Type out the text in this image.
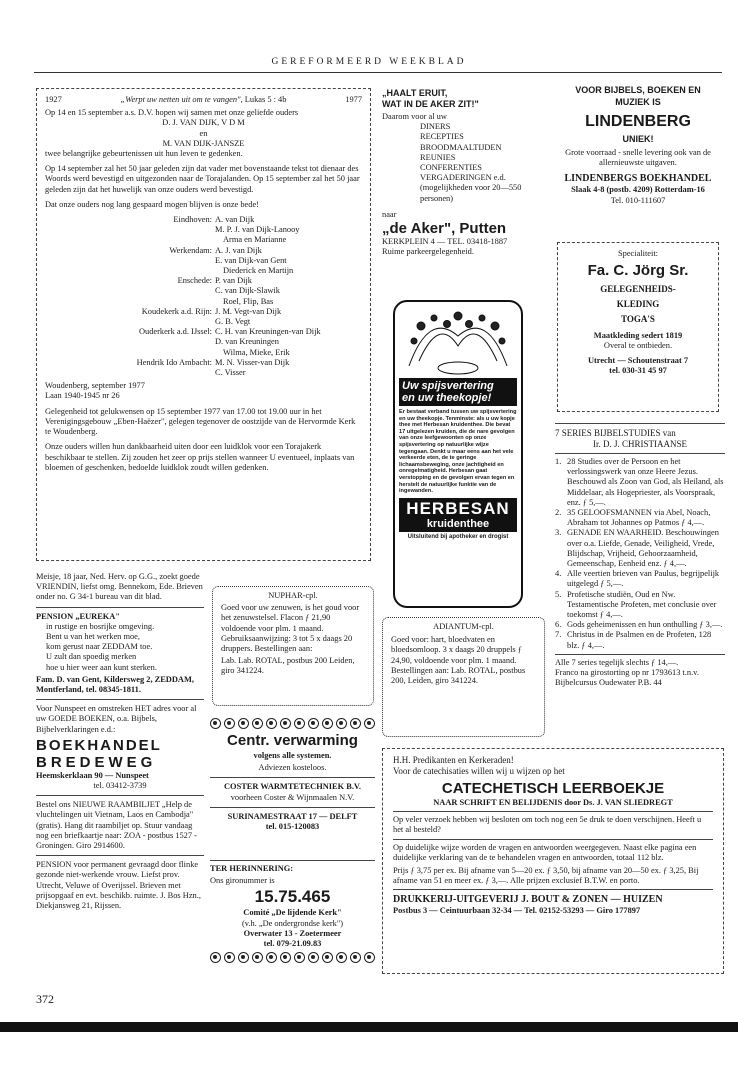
GEREFORMEERD WEEKBLAD
1927	„Werpt uw netten uit om te vangen", Lukas 5 : 4b	1977

Op 14 en 15 september a.s. D.V. hopen wij samen met onze geliefde ouders

D. J. VAN DIJK, V D M

en

M. VAN DIJK-JANSZE

twee belangrijke gebeurtenissen uit hun leven te gedenken.

Op 14 september zal het 50 jaar geleden zijn dat vader met bovenstaande tekst tot dienaar des Woords werd bevestigd en uitgezonden naar de Torajalanden. Op 15 september zal het 50 jaar geleden zijn dat het huwelijk van onze ouders werd bevestigd.

Dat onze ouders nog lang gespaard mogen blijven is onze bede!

Eindhoven: A. van Dijk
M. P. J. van Dijk-Lanooy
Arma en Marianne
Werkendam: A. J. van Dijk
E. van Dijk-van Gent
Diederick en Martijn
Enschede: P. van Dijk
C. van Dijk-Slawik
Roel, Flip, Bas
Koudekerk a.d. Rijn: J. M. Vegt-van Dijk
G. B. Vegt
Ouderkerk a.d. IJssel: C. H. van Kreuningen-van Dijk
D. van Kreuningen
Wilma, Mieke, Erik
Hendrik Ido Ambacht: M. N. Visser-van Dijk
C. Visser

Woudenberg, september 1977

Laan 1940-1945 nr 26

Gelegenheid tot gelukwensen op 15 september 1977 van 17.00 tot 19.00 uur in het Verenigingsgebouw „Eben-Haëzer", gelegen tegenover de oostzijde van de Hervormde Kerk te Woudenberg.

Onze ouders willen hun dankbaarheid uiten door een luidklok voor een Torajakerk beschikbaar te stellen. Zij zouden het zeer op prijs stellen wanneer U eventueel, inplaats van bloemen of geschenken, bedoelde luidklok zoudt willen gedenken.

„HAALT ERUIT,

WAT IN DE AKER ZIT!"

Daarom voor al uw

DINERS

RECEPTIES

BROODMAALTIJDEN

REUNIES

CONFERENTIES

VERGADERINGEN e.d.

(mogelijkheden voor 20—550 personen)

naar

„de Aker", Putten

KERKPLEIN 4 — TEL. 03418-1887

Ruime parkeergelegenheid.

Uw spijsvertering

en uw theekopje!

Er bestaat verband tussen uw spijsvertering en uw theekopje. Tenminste: als u uw kopje thee met Herbesan kruidenthee. Die bevat 17 uitgelezen kruiden, die de nare gevolgen van onze leefgewoonten op onze spijsvertering op natuurlijke wijze tegengaan. Denkt u maar eens aan het vele verkeerde eten, de te geringe lichaamsbeweging, onze jachtigheid en onregelmatigheid. Herbesan gaat verstopping en de gevolgen ervan tegen en herstelt de natuurlijke funktie van de ingewanden.

HERBESAN

kruidenthee

Uitsluitend bij apotheker en drogist

VOOR BIJBELS, BOEKEN EN

MUZIEK IS

LINDENBERG

UNIEK!

Grote voorraad - snelle levering ook van de allernieuwste uitgaven.

LINDENBERGS BOEKHANDEL

Slaak 4-8 (postb. 4209) Rotterdam-16

Tel. 010-111607

Specialiteit:

Fa. C. Jörg Sr.

GELEGENHEIDS-

KLEDING

TOGA'S

Maatkleding sedert 1819

Overal te ontbieden.

Utrecht — Schoutenstraat 7

tel. 030-31 45 97

7 SERIES BIJBELSTUDIES van

Ir. D. J. CHRISTIAANSE

1. 28 Studies over de Persoon en het verlossingswerk van onze Heere Jezus. Beschouwd als Zoon van God, als Heiland, als Middelaar, als Hogepriester, als Voorspraak, enz. ƒ 5,—.
2. 35 GELOOFSMANNEN via Abel, Noach, Abraham tot Johannes op Patmos ƒ 4,—.
3. GENADE EN WAARHEID. Beschouwingen over o.a. Liefde, Genade, Veiligheid, Vrede, Blijdschap, Vrijheid, Gehoorzaamheid, Gemeenschap, Eenheid enz. ƒ 4,—.
4. Alle veertien brieven van Paulus, begrijpelijk uitgelegd ƒ 5,—.
5. Profetische studiën, Oud en Nw. Testamentische Profeten, met conclusie over toekomst ƒ 4,—.
6. Gods geheimenissen en hun onthulling ƒ 3,—.
7. Christus in de Psalmen en de Profeten, 128 blz. ƒ 4,—.

Alle 7 series tegelijk slechts ƒ 14,—.

Franco na girostorting op nr 1793613 t.n.v. Bijbelcursus Oudewater P.B. 44

Meisje, 18 jaar, Ned. Herv. op G.G., zoekt goede VRIENDIN, liefst omg. Bennekom, Ede. Brieven onder no. G 34-1 bureau van dit blad.

PENSION „EUREKA"

in rustige en bosrijke omgeving.

Bent u van het werken moe,

kom gerust naar ZEDDAM toe.

U zult dan spoedig merken

hoe u hier weer aan kunt sterken.

Fam. D. van Gent, Kildersweg 2, ZEDDAM, Montferland, tel. 08345-1811.

Voor Nunspeet en omstreken HET adres voor al uw GOEDE BOEKEN, o.a. Bijbels, Bijbelverklaringen e.d.:

BOEKHANDEL

BREDEWEG

Heemskerklaan 90 — Nunspeet

tel. 03412-3739

Bestel ons NIEUWE RAAMBILJET „Help de vluchtelingen uit Vietnam, Laos en Cambodja" (gratis). Hang dit raambiljet op. Stuur vandaag nog een briefkaartje naar: ZOA - postbus 1527 - Groningen. Giro 2914600.

PENSION voor permanent gevraagd door flinke gezonde niet-werkende vrouw. Liefst prov. Utrecht, Veluwe of Overijssel. Brieven met prijsopgaaf en evt. beschikb. ruimte. J. Bos Hzn., Diekjansweg 21, Rijssen.

NUPHAR-cpl.

Goed voor uw zenuwen, is het goud voor het zenuwstelsel. Flacon ƒ 21,90 voldoende voor plm. 1 maand. Gebruiksaanwijzing: 3 tot 5 x daags 20 druppers. Bestellingen aan:

Lab. Lab. ROTAL, postbus 200 Leiden, giro 341224.

ADIANTUM-cpl.

Goed voor: hart, bloedvaten en bloedsomloop. 3 x daags 20 druppels ƒ 24,90, voldoende voor plm. 1 maand. Bestellingen aan: Lab. ROTAL, postbus 200, Leiden, giro 341224.

Centr. verwarming

volgens alle systemen.

Adviezen kosteloos.

COSTER WARMTETECHNIEK B.V.

voorheen Coster & Wijnmaalen N.V.

SURINAMESTRAAT 17 — DELFT

tel. 015-120083

TER HERINNERING:

Ons gironummer is

15.75.465

Comité „De lijdende Kerk"

(v.h. „De ondergrondse kerk")

Overwater 13 - Zoetermeer

tel. 079-21.09.83

H.H. Predikanten en Kerkeraden!

Voor de catechisaties willen wij u wijzen op het

CATECHETISCH LEERBOEKJE

NAAR SCHRIFT EN BELIJDENIS door Ds. J. VAN SLIEDREGT

Op veler verzoek hebben wij besloten om toch nog een 5e druk te doen verschijnen. Heeft u het al besteld?

Op duidelijke wijze worden de vragen en antwoorden weergegeven. Naast elke pagina een duidelijke verklaring van de te behandelen vragen en antwoorden, totaal 112 blz.

Prijs ƒ 3,75 per ex. Bij afname van 5—20 ex. ƒ 3,50, bij afname van 20—50 ex. ƒ 3,25, Bij afname van 51 en meer ex. ƒ 3,—. Alle prijzen exclusief B.T.W. en porto.

DRUKKERIJ-UITGEVERIJ J. BOUT & ZONEN — HUIZEN

Postbus 3 — Ceintuurbaan 32-34 — Tel. 02152-53293 — Giro 177897

372
